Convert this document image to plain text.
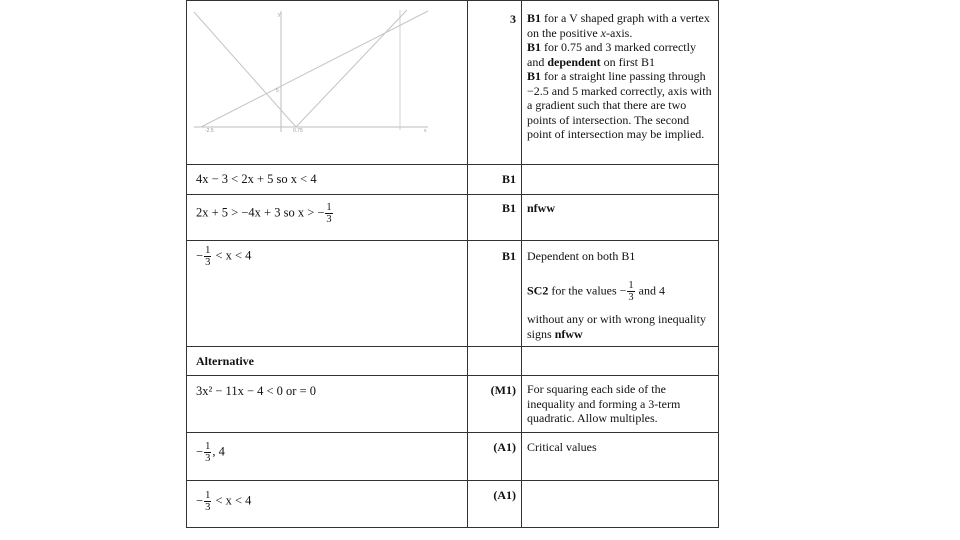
-2.5	0.75
5
y
x
3 B1 for a V shaped graph with a vertex on the positive x-axis.
B1 for 0.75 and 3 marked correctly and dependent on first B1
B1 for a straight line passing through −2.5 and 5 marked correctly, axis with a gradient such that there are two points of intersection. The second point of intersection may be implied.
4x − 3 < 2x + 5 so x < 4	B1
2x + 5 > −4x + 3 so x > − $\frac{1}{3}$	B1 nfww
− $\frac{1}{3} < x < 4$	B1 Dependent on both B1
SC2 for the values − $\frac{1}{3}$ and 4
without any or with wrong inequality signs nfww
Alternative
3x² − 11x − 4 < 0 or = 0	(M1) For squaring each side of the inequality and forming a 3-term quadratic. Allow multiples.
− $\frac{1}{3}$ , 4	(A1) Critical values
− $\frac{1}{3} < x < 4$	(A1)
